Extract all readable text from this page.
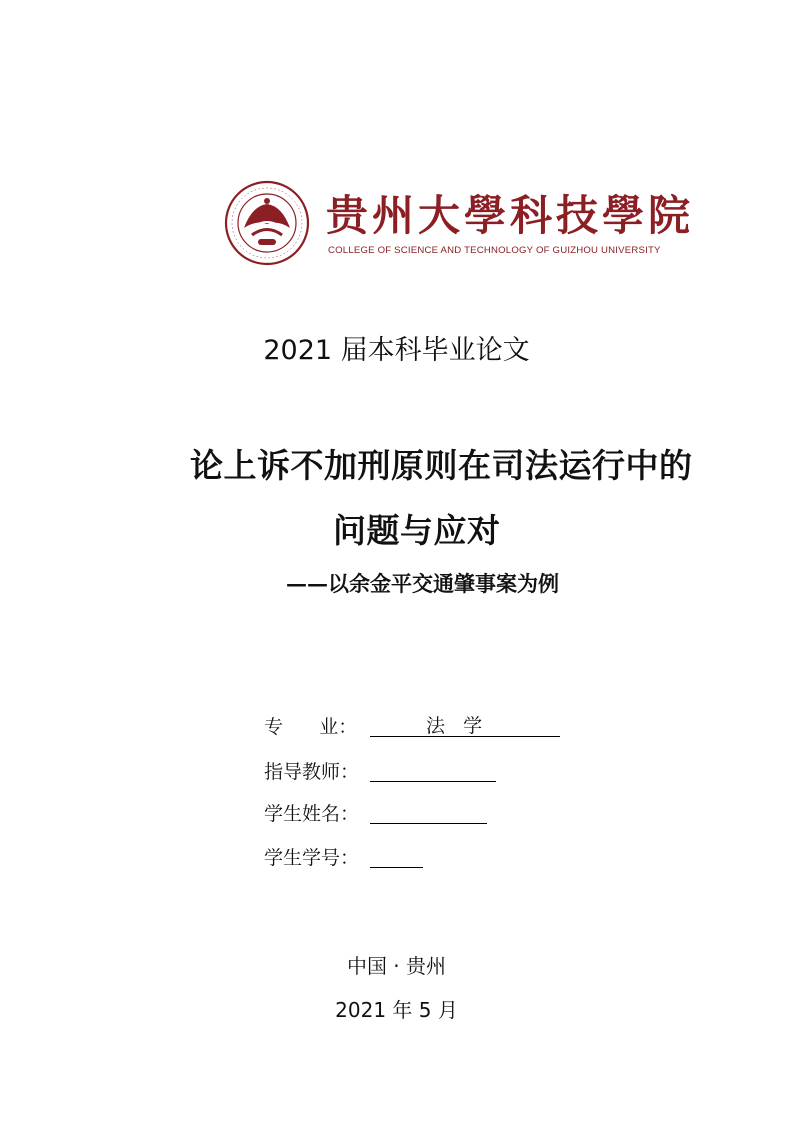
贵州大學科技學院
COLLEGE OF SCIENCE AND TECHNOLOGY OF GUIZHOU UNIVERSITY
2021 届本科毕业论文
论上诉不加刑原则在司法运行中的
问题与应对
——以余金平交通肇事案为例
专      业：	法   学
指导教师：
学生姓名：
学生学号：
中国 · 贵州
2021 年 5 月
